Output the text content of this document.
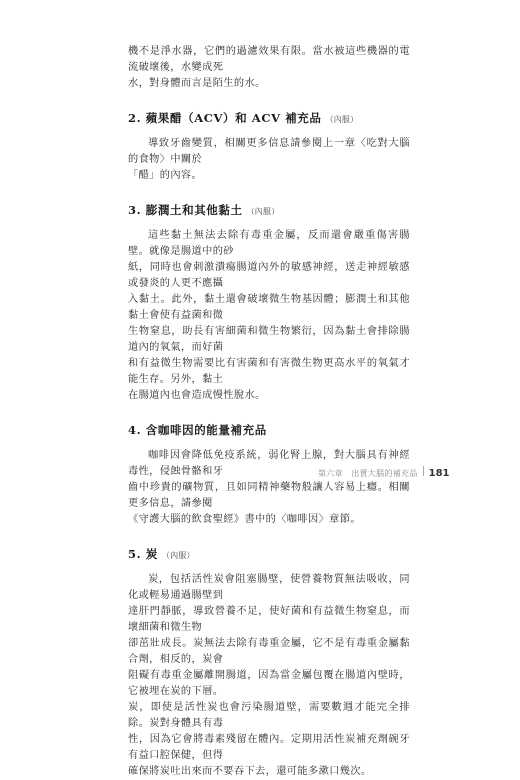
機不是淨水器，它們的過濾效果有限。當水被這些機器的電流破壞後，水變成死

水，對身體而言是陌生的水。

2. 蘋果醋（ACV）和 ACV 補充品 （內服）

導致牙齒變質，相關更多信息請參閱上一章〈吃對大腦的食物〉中關於

「醋」的內容。

3. 膨潤土和其他黏土 （內服）

這些黏土無法去除有毒重金屬，反而還會嚴重傷害腸壁。就像是腸道中的砂

紙，同時也會刺激潰瘍腸道內外的敏感神經，送走神經敏感或發炎的人更不應攝

入黏土。此外，黏土還會破壞微生物基因體；膨潤土和其他黏土會使有益菌和微

生物窒息，助長有害細菌和微生物繁衍，因為黏土會排除腸道內的氧氣，而好菌

和有益微生物需要比有害菌和有害微生物更高水平的氧氣才能生存。另外，黏土

在腸道內也會造成慢性脫水。

4. 含咖啡因的能量補充品

咖啡因會降低免疫系統，弱化腎上腺，對大腦具有神經毒性，侵蝕骨骼和牙

齒中珍貴的礦物質，且如同精神藥物般讓人容易上癮。相關更多信息，請參閱

《守護大腦的飲食聖經》書中的〈咖啡因〉章節。

5. 炭 （內服）

炭，包括活性炭會阻塞腸壁，使營養物質無法吸收，同化或輕易通過腸壁到

達肝門靜脈，導致營養不足，使好菌和有益微生物窒息，而壞細菌和微生物

卻茁壯成長。炭無法去除有毒重金屬，它不是有毒重金屬黏合劑，相反的，炭會

阻礙有毒重金屬離開腸道，因為當金屬包覆在腸道內壁時，它被埋在炭的下層。

炭，即使是活性炭也會污染腸道壁，需要數週才能完全排除。炭對身體具有毒

性，因為它會將毒素殘留在體內。定期用活性炭補充劑碗牙有益口腔保健，但得

確保將炭吐出來而不要吞下去，還可能多漱口幾次。

第六章　出賣大腦的補充品 181
